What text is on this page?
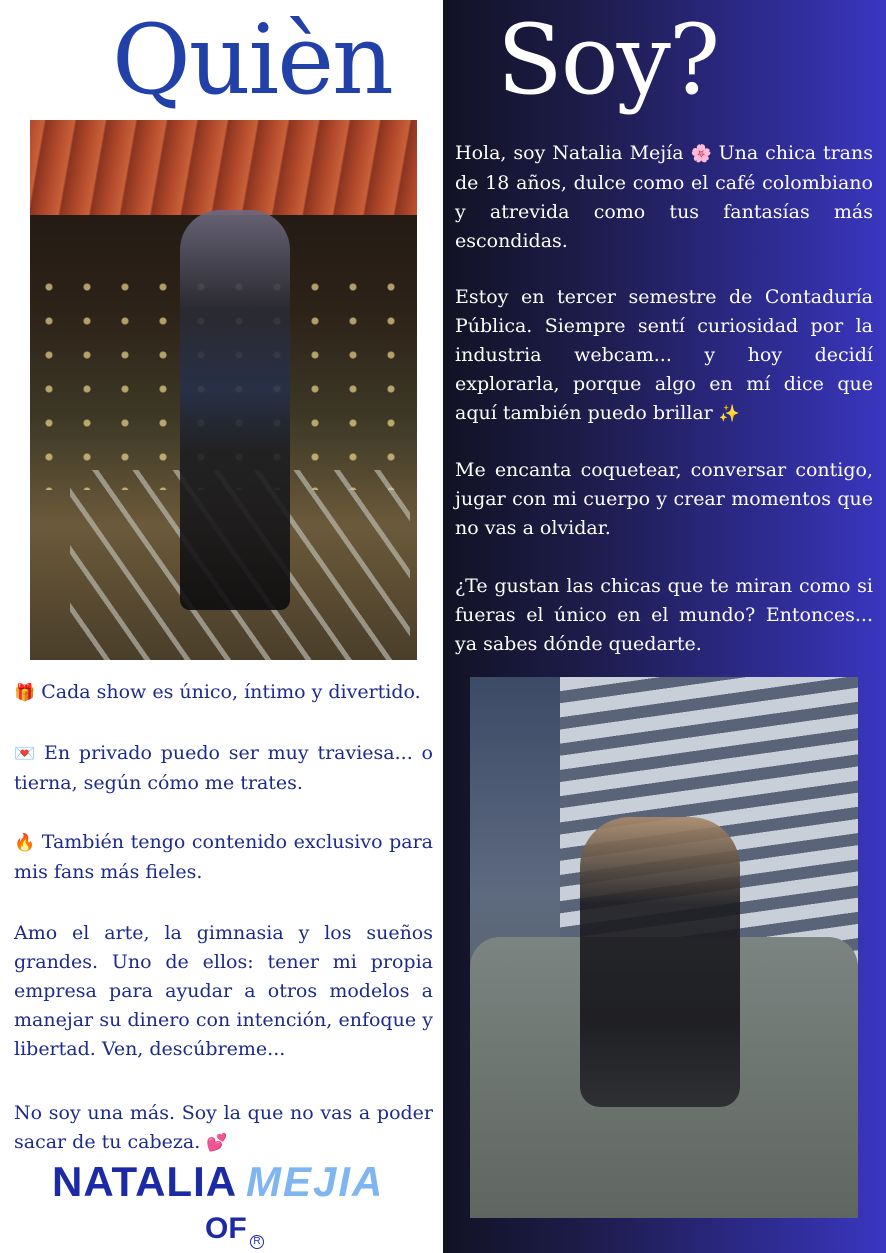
Quièn Soy?
Hola, soy Natalia Mejía 🌸 Una chica trans de 18 años, dulce como el café colombiano y atrevida como tus fantasías más escondidas.
Estoy en tercer semestre de Contaduría Pública. Siempre sentí curiosidad por la industria webcam... y hoy decidí explorarla, porque algo en mí dice que aquí también puedo brillar ✨
Me encanta coquetear, conversar contigo, jugar con mi cuerpo y crear momentos que no vas a olvidar.
¿Te gustan las chicas que te miran como si fueras el único en el mundo? Entonces... ya sabes dónde quedarte.
🎁 Cada show es único, íntimo y divertido.
💌 En privado puedo ser muy traviesa... o tierna, según cómo me trates.
🔥 También tengo contenido exclusivo para mis fans más fieles.
Amo el arte, la gimnasia y los sueños grandes. Uno de ellos: tener mi propia empresa para ayudar a otros modelos a manejar su dinero con intención, enfoque y libertad. Ven, descúbreme...
No soy una más. Soy la que no vas a poder sacar de tu cabeza. 💕
NATALIA MEJIA
OF R
